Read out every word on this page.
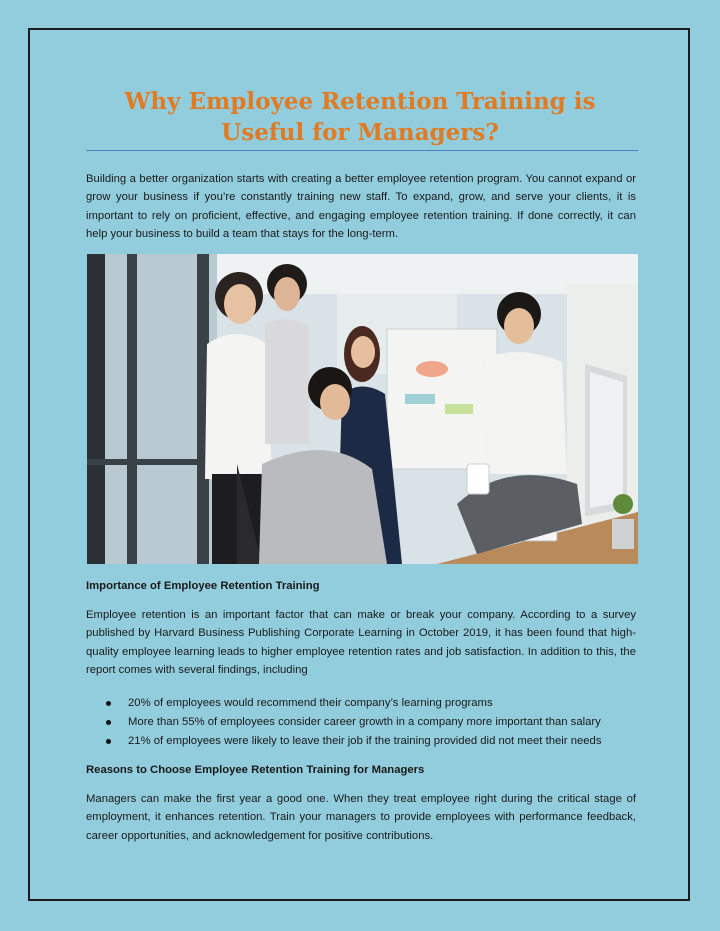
Why Employee Retention Training is Useful for Managers?

Building a better organization starts with creating a better employee retention program. You cannot expand or grow your business if you’re constantly training new staff. To expand, grow, and serve your clients, it is important to rely on proficient, effective, and engaging employee retention training. If done correctly, it can help your business to build a team that stays for the long-term.

Importance of Employee Retention Training

Employee retention is an important factor that can make or break your company. According to a survey published by Harvard Business Publishing Corporate Learning in October 2019, it has been found that high-quality employee learning leads to higher employee retention rates and job satisfaction. In addition to this, the report comes with several findings, including

20% of employees would recommend their company’s learning programs
More than 55% of employees consider career growth in a company more important than salary
21% of employees were likely to leave their job if the training provided did not meet their needs
Reasons to Choose Employee Retention Training for Managers

Managers can make the first year a good one. When they treat employee right during the critical stage of employment, it enhances retention. Train your managers to provide employees with performance feedback, career opportunities, and acknowledgement for positive contributions.
